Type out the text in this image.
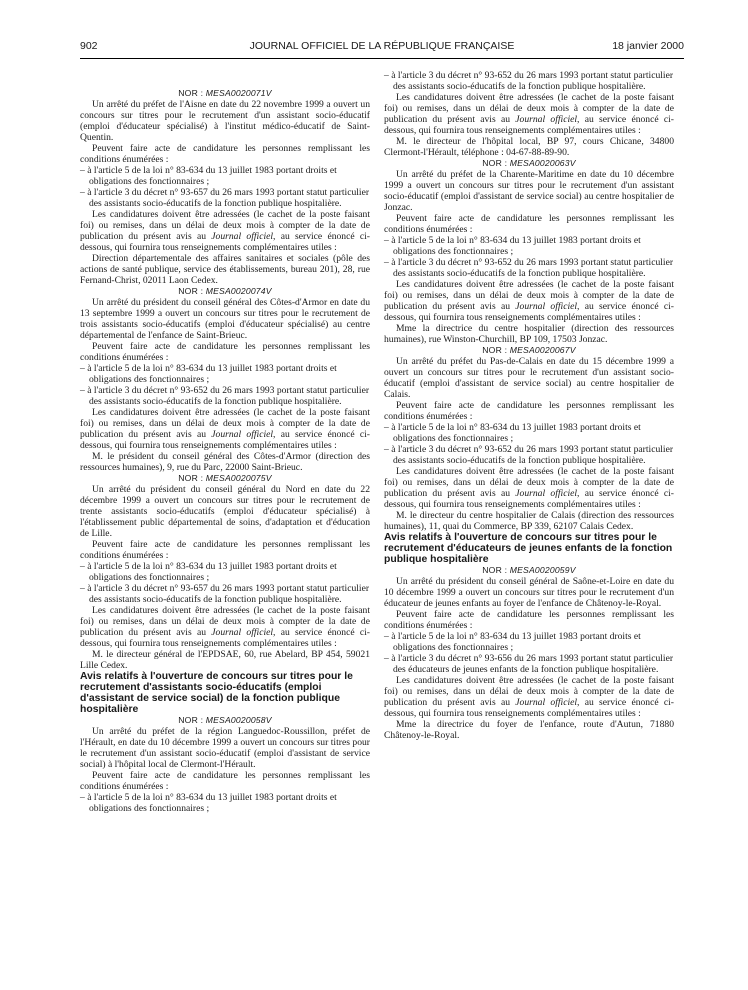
902	JOURNAL OFFICIEL DE LA RÉPUBLIQUE FRANÇAISE	18 janvier 2000

NOR : MESA0020071V

Un arrêté du préfet de l'Aisne en date du 22 novembre 1999 a ouvert un concours sur titres pour le recrutement d'un assistant socio-éducatif (emploi d'éducateur spécialisé) à l'institut médico-éducatif de Saint-Quentin.

Peuvent faire acte de candidature les personnes remplissant les conditions énumérées :

– à l'article 5 de la loi n° 83-634 du 13 juillet 1983 portant droits et obligations des fonctionnaires ;

– à l'article 3 du décret n° 93-657 du 26 mars 1993 portant statut particulier des assistants socio-éducatifs de la fonction publique hospitalière.

Les candidatures doivent être adressées (le cachet de la poste faisant foi) ou remises, dans un délai de deux mois à compter de la date de publication du présent avis au Journal officiel, au service énoncé ci-dessous, qui fournira tous renseignements complémentaires utiles :

Direction départementale des affaires sanitaires et sociales (pôle des actions de santé publique, service des établissements, bureau 201), 28, rue Fernand-Christ, 02011 Laon Cedex.

NOR : MESA0020074V

Un arrêté du président du conseil général des Côtes-d'Armor en date du 13 septembre 1999 a ouvert un concours sur titres pour le recrutement de trois assistants socio-éducatifs (emploi d'éducateur spécialisé) au centre départemental de l'enfance de Saint-Brieuc.

Peuvent faire acte de candidature les personnes remplissant les conditions énumérées :

– à l'article 5 de la loi n° 83-634 du 13 juillet 1983 portant droits et obligations des fonctionnaires ;

– à l'article 3 du décret n° 93-652 du 26 mars 1993 portant statut particulier des assistants socio-éducatifs de la fonction publique hospitalière.

Les candidatures doivent être adressées (le cachet de la poste faisant foi) ou remises, dans un délai de deux mois à compter de la date de publication du présent avis au Journal officiel, au service énoncé ci-dessous, qui fournira tous renseignements complémentaires utiles :

M. le président du conseil général des Côtes-d'Armor (direction des ressources humaines), 9, rue du Parc, 22000 Saint-Brieuc.

NOR : MESA0020075V

Un arrêté du président du conseil général du Nord en date du 22 décembre 1999 a ouvert un concours sur titres pour le recrutement de trente assistants socio-éducatifs (emploi d'éducateur spécialisé) à l'établissement public départemental de soins, d'adaptation et d'éducation de Lille.

Peuvent faire acte de candidature les personnes remplissant les conditions énumérées :

– à l'article 5 de la loi n° 83-634 du 13 juillet 1983 portant droits et obligations des fonctionnaires ;

– à l'article 3 du décret n° 93-657 du 26 mars 1993 portant statut particulier des assistants socio-éducatifs de la fonction publique hospitalière.

Les candidatures doivent être adressées (le cachet de la poste faisant foi) ou remises, dans un délai de deux mois à compter de la date de publication du présent avis au Journal officiel, au service énoncé ci-dessous, qui fournira tous renseignements complémentaires utiles :

M. le directeur général de l'EPDSAE, 60, rue Abelard, BP 454, 59021 Lille Cedex.

Avis relatifs à l'ouverture de concours sur titres pour le recrutement d'assistants socio-éducatifs (emploi d'assistant de service social) de la fonction publique hospitalière

NOR : MESA0020058V

Un arrêté du préfet de la région Languedoc-Roussillon, préfet de l'Hérault, en date du 10 décembre 1999 a ouvert un concours sur titres pour le recrutement d'un assistant socio-éducatif (emploi d'assistant de service social) à l'hôpital local de Clermont-l'Hérault.

Peuvent faire acte de candidature les personnes remplissant les conditions énumérées :

– à l'article 5 de la loi n° 83-634 du 13 juillet 1983 portant droits et obligations des fonctionnaires ;

– à l'article 3 du décret n° 93-652 du 26 mars 1993 portant statut particulier des assistants socio-éducatifs de la fonction publique hospitalière.

Les candidatures doivent être adressées (le cachet de la poste faisant foi) ou remises, dans un délai de deux mois à compter de la date de publication du présent avis au Journal officiel, au service énoncé ci-dessous, qui fournira tous renseignements complémentaires utiles :

M. le directeur de l'hôpital local, BP 97, cours Chicane, 34800 Clermont-l'Hérault, téléphone : 04-67-88-89-90.

NOR : MESA0020063V

Un arrêté du préfet de la Charente-Maritime en date du 10 décembre 1999 a ouvert un concours sur titres pour le recrutement d'un assistant socio-éducatif (emploi d'assistant de service social) au centre hospitalier de Jonzac.

Peuvent faire acte de candidature les personnes remplissant les conditions énumérées :

– à l'article 5 de la loi n° 83-634 du 13 juillet 1983 portant droits et obligations des fonctionnaires ;

– à l'article 3 du décret n° 93-652 du 26 mars 1993 portant statut particulier des assistants socio-éducatifs de la fonction publique hospitalière.

Les candidatures doivent être adressées (le cachet de la poste faisant foi) ou remises, dans un délai de deux mois à compter de la date de publication du présent avis au Journal officiel, au service énoncé ci-dessous, qui fournira tous renseignements complémentaires utiles :

Mme la directrice du centre hospitalier (direction des ressources humaines), rue Winston-Churchill, BP 109, 17503 Jonzac.

NOR : MESA0020067V

Un arrêté du préfet du Pas-de-Calais en date du 15 décembre 1999 a ouvert un concours sur titres pour le recrutement d'un assistant socio-éducatif (emploi d'assistant de service social) au centre hospitalier de Calais.

Peuvent faire acte de candidature les personnes remplissant les conditions énumérées :

– à l'article 5 de la loi n° 83-634 du 13 juillet 1983 portant droits et obligations des fonctionnaires ;

– à l'article 3 du décret n° 93-652 du 26 mars 1993 portant statut particulier des assistants socio-éducatifs de la fonction publique hospitalière.

Les candidatures doivent être adressées (le cachet de la poste faisant foi) ou remises, dans un délai de deux mois à compter de la date de publication du présent avis au Journal officiel, au service énoncé ci-dessous, qui fournira tous renseignements complémentaires utiles :

M. le directeur du centre hospitalier de Calais (direction des ressources humaines), 11, quai du Commerce, BP 339, 62107 Calais Cedex.

Avis relatifs à l'ouverture de concours sur titres pour le recrutement d'éducateurs de jeunes enfants de la fonction publique hospitalière

NOR : MESA0020059V

Un arrêté du président du conseil général de Saône-et-Loire en date du 10 décembre 1999 a ouvert un concours sur titres pour le recrutement d'un éducateur de jeunes enfants au foyer de l'enfance de Châtenoy-le-Royal.

Peuvent faire acte de candidature les personnes remplissant les conditions énumérées :

– à l'article 5 de la loi n° 83-634 du 13 juillet 1983 portant droits et obligations des fonctionnaires ;

– à l'article 3 du décret n° 93-656 du 26 mars 1993 portant statut particulier des éducateurs de jeunes enfants de la fonction publique hospitalière.

Les candidatures doivent être adressées (le cachet de la poste faisant foi) ou remises, dans un délai de deux mois à compter de la date de publication du présent avis au Journal officiel, au service énoncé ci-dessous, qui fournira tous renseignements complémentaires utiles :

Mme la directrice du foyer de l'enfance, route d'Autun, 71880 Châtenoy-le-Royal.
